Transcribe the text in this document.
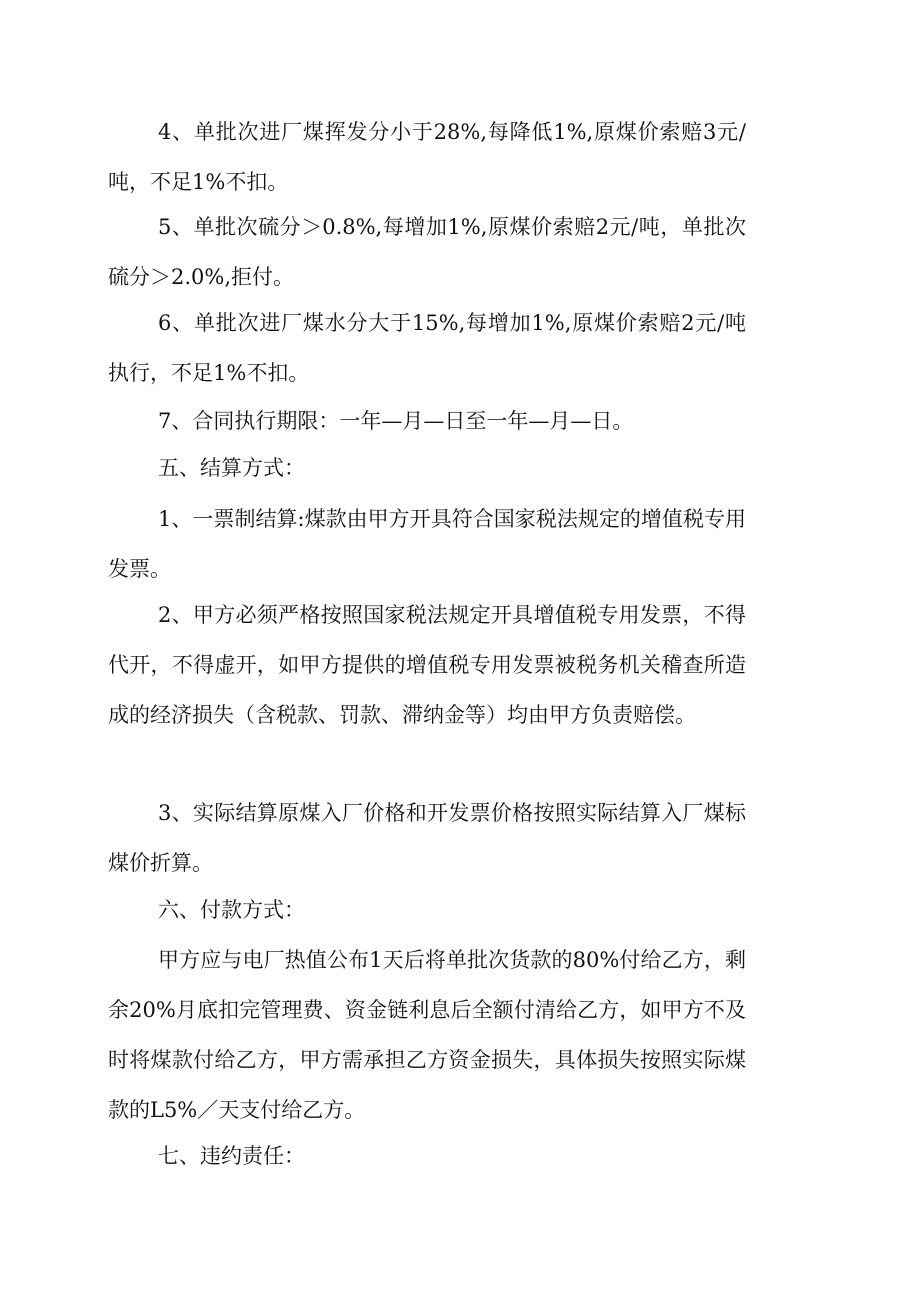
4、单批次进厂煤挥发分小于28%,每降低1%,原煤价索赔3元/吨，不足1%不扣。

5、单批次硫分＞0.8%,每增加1%,原煤价索赔2元/吨，单批次硫分＞2.0%,拒付。

6、单批次进厂煤水分大于15%,每增加1%,原煤价索赔2元/吨执行，不足1%不扣。

7、合同执行期限：一年—月—日至一年—月—日。

五、结算方式：

1、一票制结算:煤款由甲方开具符合国家税法规定的增值税专用发票。

2、甲方必须严格按照国家税法规定开具增值税专用发票，不得代开，不得虚开，如甲方提供的增值税专用发票被税务机关稽查所造成的经济损失（含税款、罚款、滞纳金等）均由甲方负责赔偿。

3、实际结算原煤入厂价格和开发票价格按照实际结算入厂煤标煤价折算。

六、付款方式：

甲方应与电厂热值公布1天后将单批次货款的80%付给乙方，剩余20%月底扣完管理费、资金链利息后全额付清给乙方，如甲方不及时将煤款付给乙方，甲方需承担乙方资金损失，具体损失按照实际煤款的L5%／天支付给乙方。

七、违约责任：
